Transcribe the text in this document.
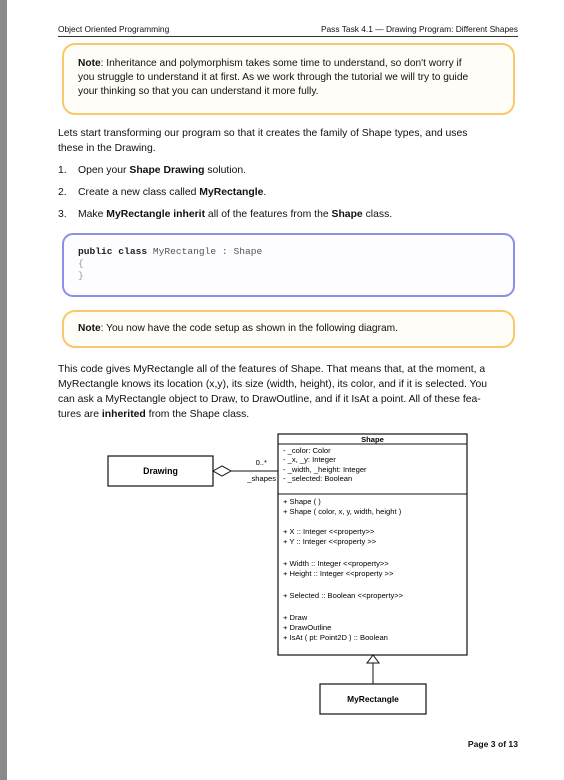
Object Oriented Programming	Pass Task 4.1 — Drawing Program: Different Shapes
Note: Inheritance and polymorphism takes some time to understand, so don't worry if
you struggle to understand it at first. As we work through the tutorial we will try to guide
your thinking so that you can understand it more fully.
Lets start transforming our program so that it creates the family of Shape types, and uses
these in the Drawing.
1.	Open your Shape Drawing solution.
2.	Create a new class called MyRectangle.
3.	Make MyRectangle inherit all of the features from the Shape class.
public class MyRectangle : Shape
{
}
Note: You now have the code setup as shown in the following diagram.
This code gives MyRectangle all of the features of Shape. That means that, at the moment, a
MyRectangle knows its location (x,y), its size (width, height), its color, and if it is selected. You
can ask a MyRectangle object to Draw, to DrawOutline, and if it IsAt a point. All of these fea-
tures are inherited from the Shape class.
Drawing
0..*
_shapes
Shape
- _color: Color - _x, _y: Integer - _width, _height: Integer - _selected: Boolean
+ Shape ( ) + Shape ( color, x, y, width, height ) + X :: Integer <<property>> + Y :: Integer <<property >> + Width :: Integer <<property>> + Height :: Integer <<property >> + Selected :: Boolean <<property>> + Draw + DrawOutline + IsAt ( pt: Point2D ) :: Boolean
MyRectangle
Page 3 of 13
